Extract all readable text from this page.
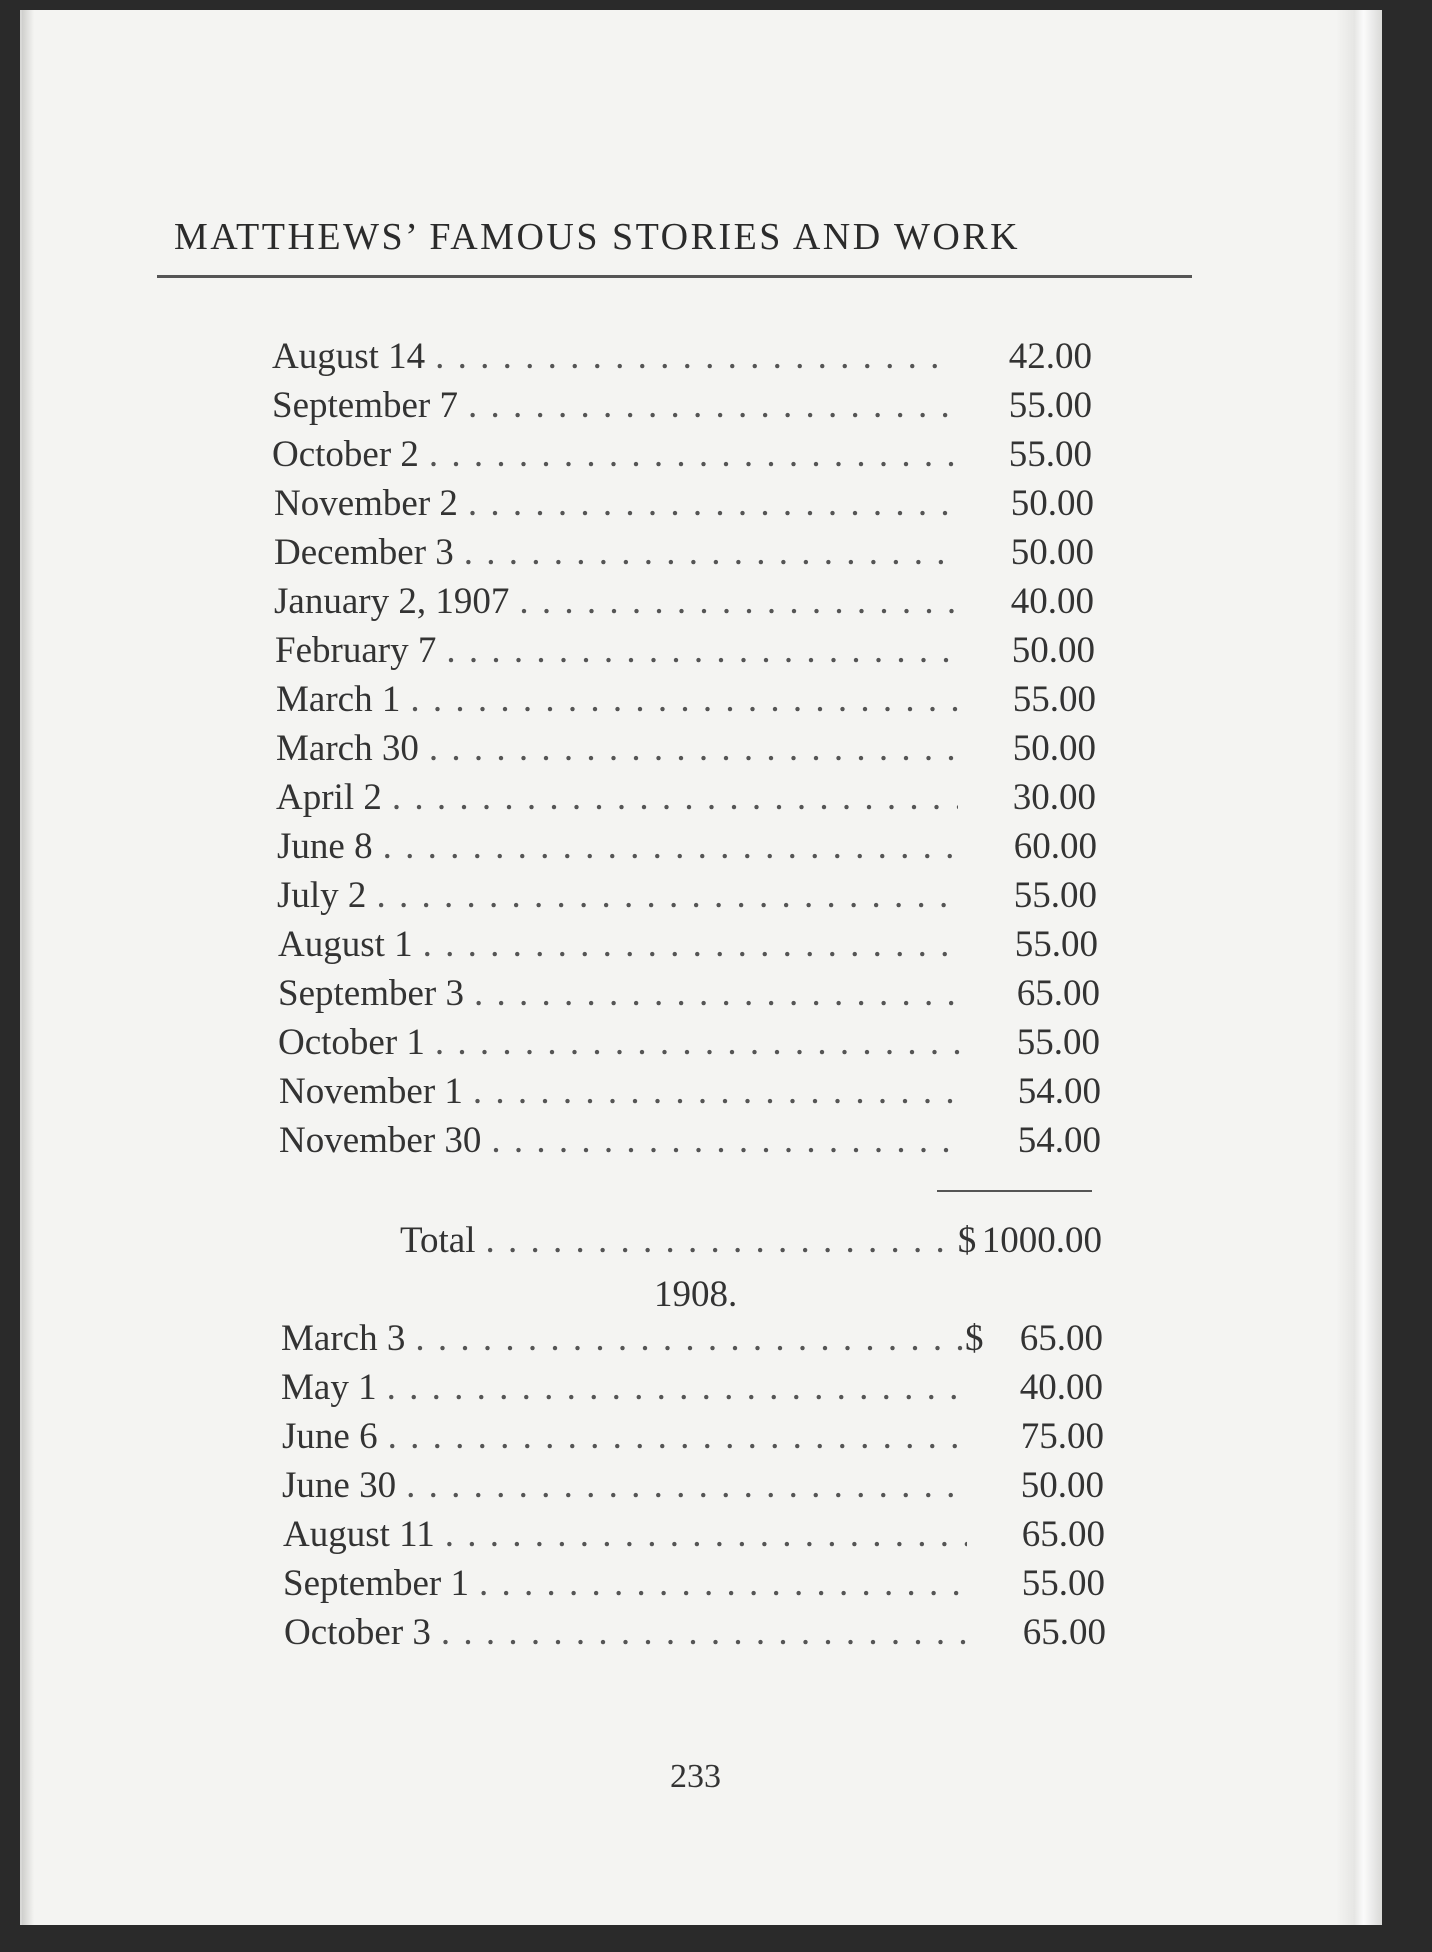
MATTHEWS’ FAMOUS STORIES AND WORK
August 14 . . .	42.00
September 7 . . .	55.00
October 2 . . .	55.00
November 2 . . .	50.00
December 3 . . .	50.00
January 2, 1907 . . .	40.00
February 7 . . .	50.00
March 1 . . .	55.00
March 30 . . .	50.00
April 2 . . .	30.00
June 8 . . .	60.00
July 2 . . .	55.00
August 1 . . .	55.00
September 3 . . .	65.00
October 1 . . .	55.00
November 1 . . .	54.00
November 30 . . .	54.00
Total . . .	$ 1000.00
1908.
March 3 . . .	$ 65.00
May 1 . . .	40.00
June 6 . . .	75.00
June 30 . . .	50.00
August 11 . . .	65.00
September 1 . . .	55.00
October 3 . . .	65.00
233
